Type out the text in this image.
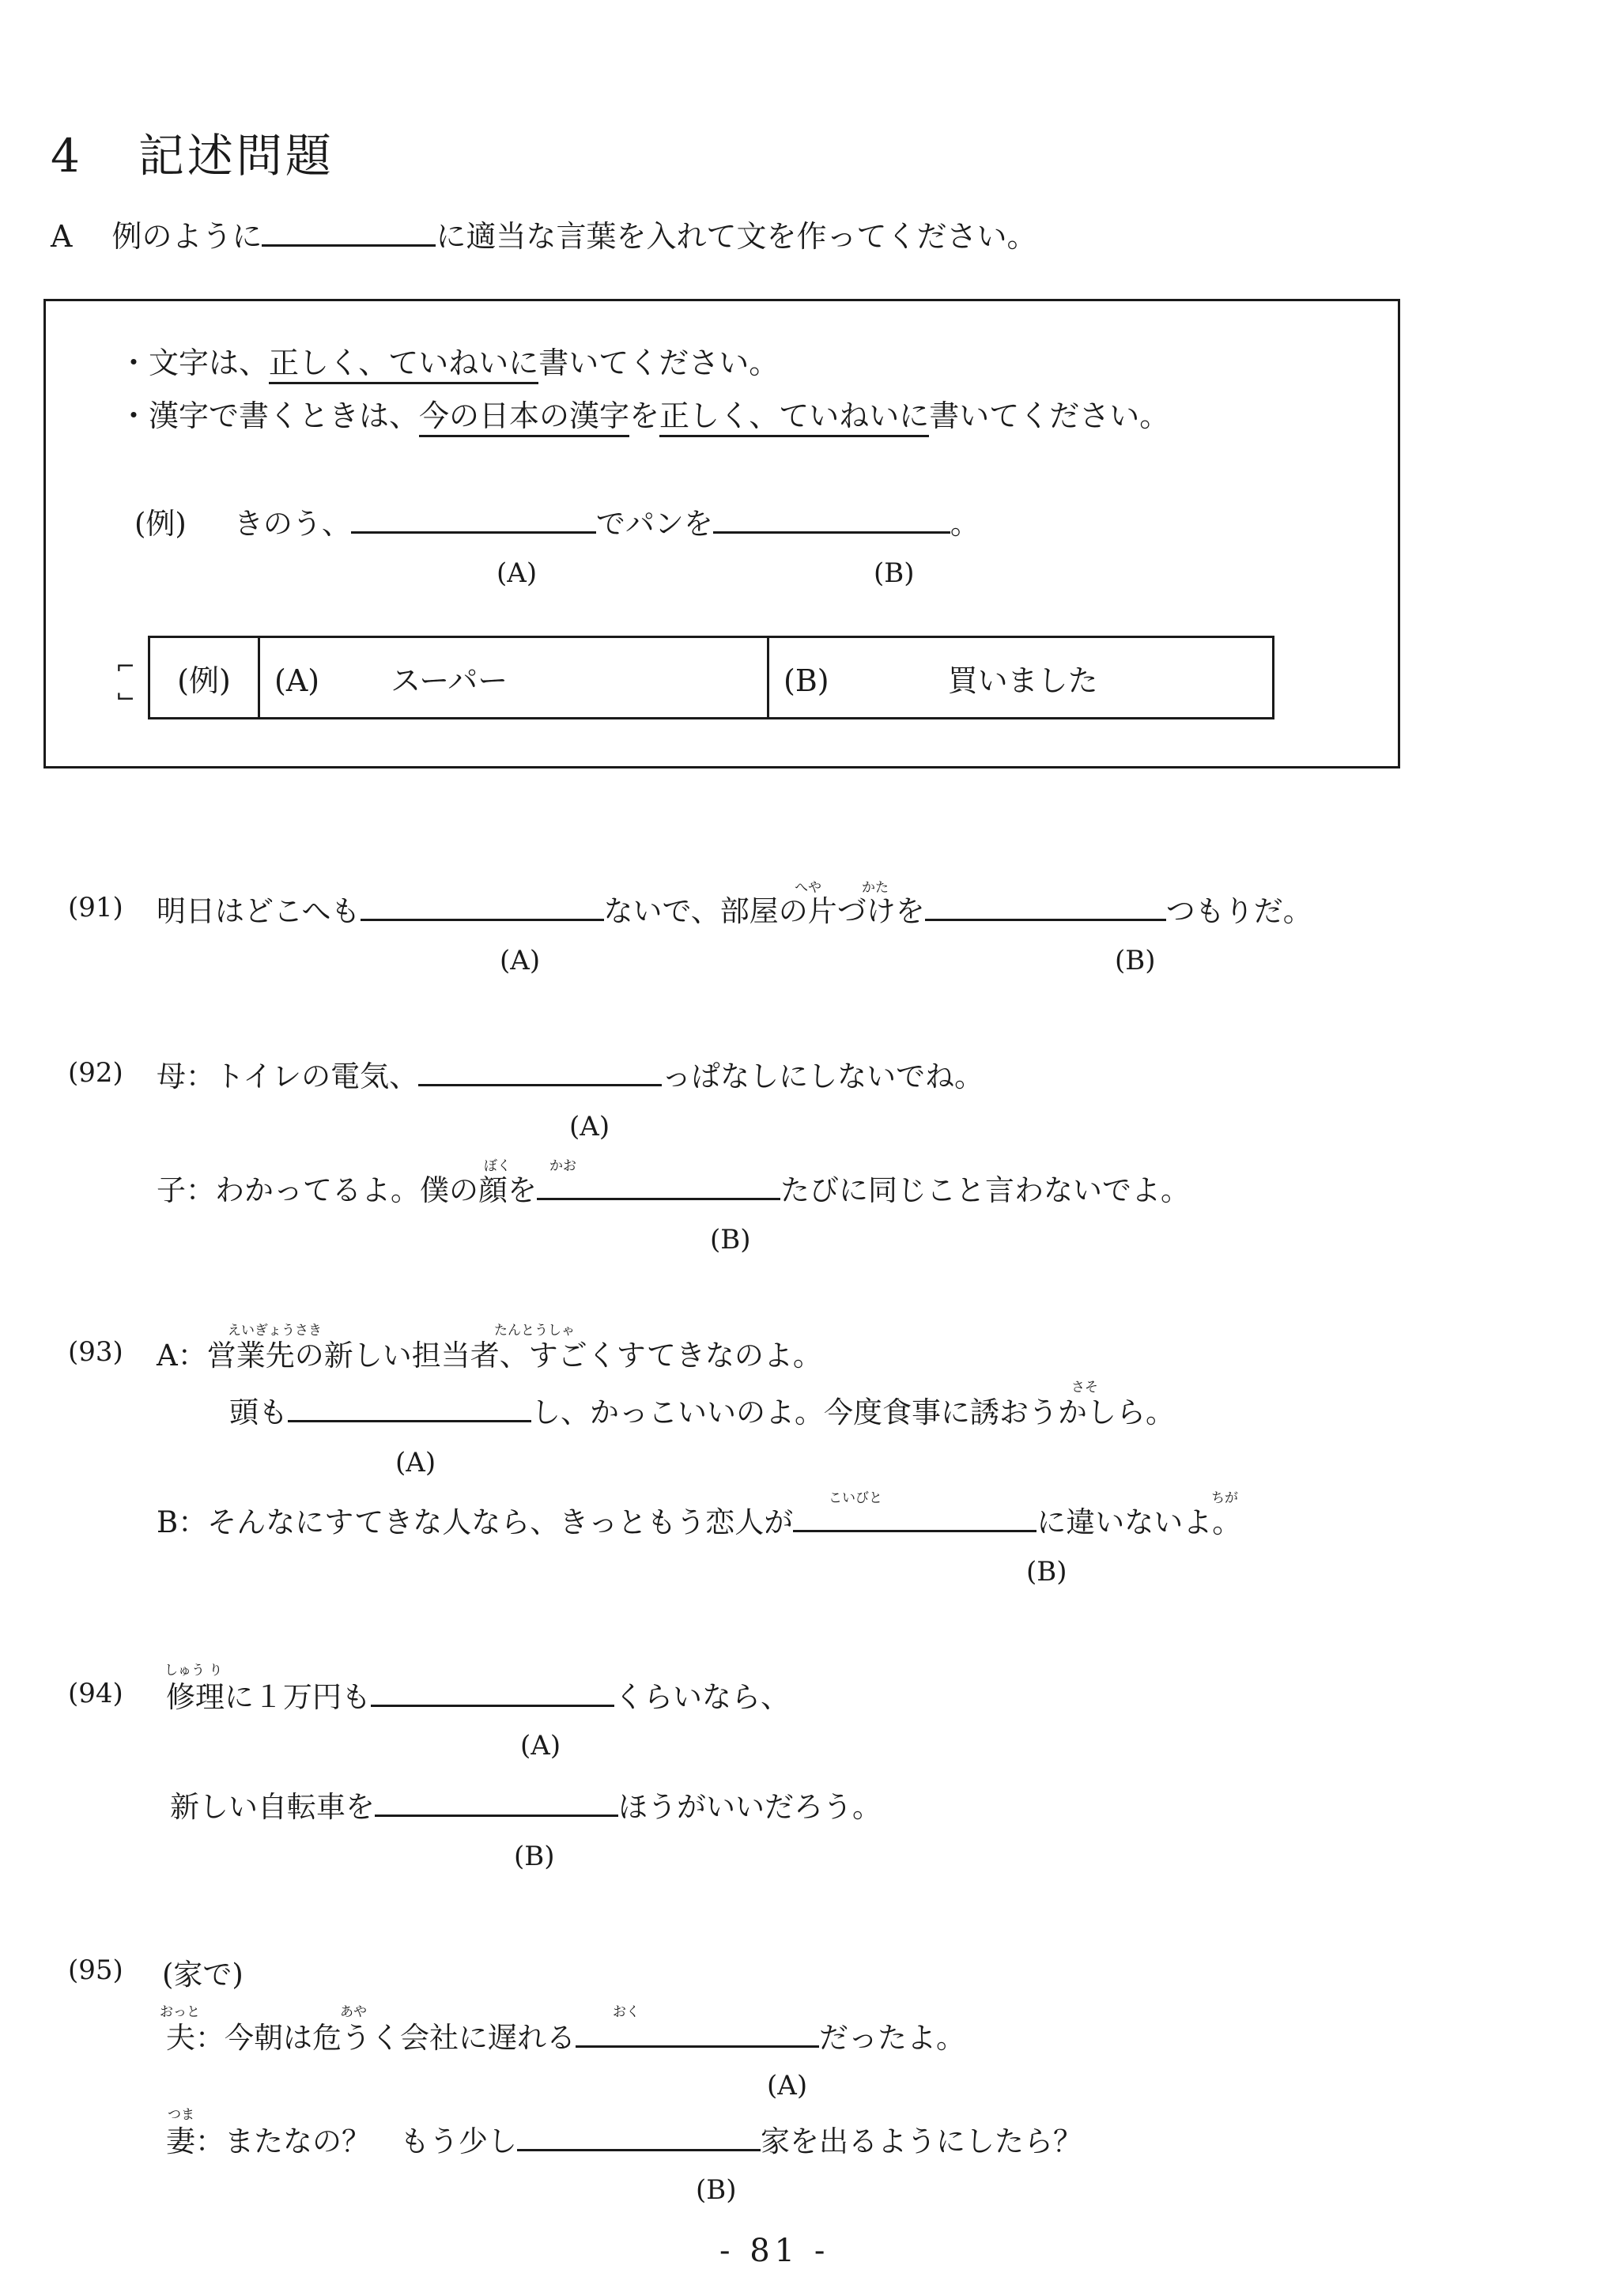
4 記述問題
A 例のように	に適当な言葉を入れて文を作ってください。
・文字は、正しく、ていねいに書いてください。
・漢字で書くときは、今の日本の漢字を正しく、ていねいに書いてください。
(例) きのう、	でパンを	。
(A)	(B)
⌐
⌙ (例)	(A) スーパー	(B)	買いました
(91)
へや	かた
明日はどこへも	ないで、部屋の片づけを	つもりだ。
(A)	(B)
(92) 母：トイレの電気、	っぱなしにしないでね。
(A)
ぼく	かお
子：わかってるよ。僕の顔を	たびに同じこと言わないでよ。
(B)
(93)
えいぎょうさき	たんとうしゃ
A：営業先の新しい担当者、すごくすてきなのよ。
さそ
頭も	し、かっこいいのよ。今度食事に誘おうかしら。
(A)
こいびと	ちが
B：そんなにすてきな人なら、きっともう恋人が	に違いないよ。
(B)
(94)
しゅう り
修理に１万円も	くらいなら、
(A)
新しい自転車を	ほうがいいだろう。
(B)
(95) (家で)
おっと	あや	おく
夫：今朝は危うく会社に遅れる	だったよ。
(A)
つま
妻：またなの？　もう少し	家を出るようにしたら？
(B)
- 81 -
